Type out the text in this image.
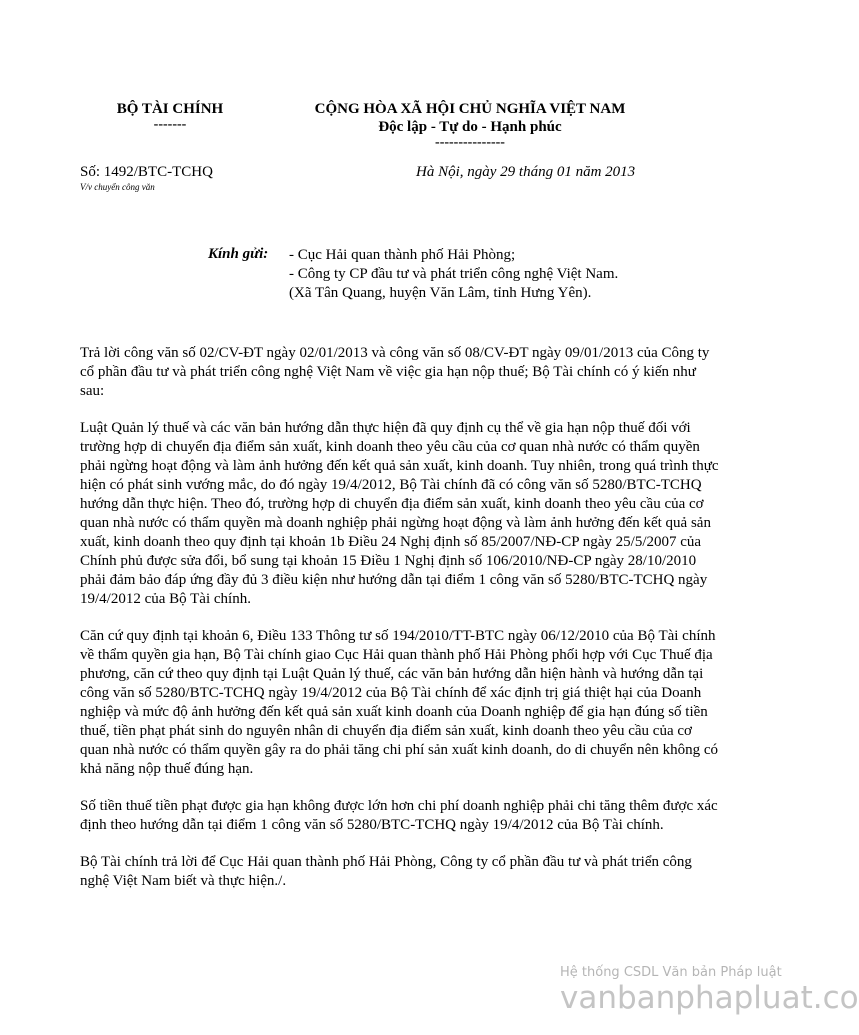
BỘ TÀI CHÍNH
-------
CỘNG HÒA XÃ HỘI CHỦ NGHĨA VIỆT NAM
Độc lập - Tự do - Hạnh phúc
---------------
Số: 1492/BTC-TCHQ
V/v chuyển công văn
Hà Nội, ngày 29 tháng 01 năm 2013
Kính gửi: - Cục Hải quan thành phố Hải Phòng;
- Công ty CP đầu tư và phát triển công nghệ Việt Nam.
(Xã Tân Quang, huyện Văn Lâm, tỉnh Hưng Yên).

Trả lời công văn số 02/CV-ĐT ngày 02/01/2013 và công văn số 08/CV-ĐT ngày 09/01/2013 của Công ty cổ phần đầu tư và phát triển công nghệ Việt Nam về việc gia hạn nộp thuế; Bộ Tài chính có ý kiến như sau:

Luật Quản lý thuế và các văn bản hướng dẫn thực hiện đã quy định cụ thể về gia hạn nộp thuế đối với trường hợp di chuyển địa điểm sản xuất, kinh doanh theo yêu cầu của cơ quan nhà nước có thẩm quyền phải ngừng hoạt động và làm ảnh hưởng đến kết quả sản xuất, kinh doanh. Tuy nhiên, trong quá trình thực hiện có phát sinh vướng mắc, do đó ngày 19/4/2012, Bộ Tài chính đã có công văn số 5280/BTC-TCHQ hướng dẫn thực hiện. Theo đó, trường hợp di chuyển địa điểm sản xuất, kinh doanh theo yêu cầu của cơ quan nhà nước có thẩm quyền mà doanh nghiệp phải ngừng hoạt động và làm ảnh hưởng đến kết quả sản xuất, kinh doanh theo quy định tại khoản 1b Điều 24 Nghị định số 85/2007/NĐ-CP ngày 25/5/2007 của Chính phủ được sửa đổi, bổ sung tại khoản 15 Điều 1 Nghị định số 106/2010/NĐ-CP ngày 28/10/2010 phải đảm bảo đáp ứng đầy đủ 3 điều kiện như hướng dẫn tại điểm 1 công văn số 5280/BTC-TCHQ ngày 19/4/2012 của Bộ Tài chính.

Căn cứ quy định tại khoản 6, Điều 133 Thông tư số 194/2010/TT-BTC ngày 06/12/2010 của Bộ Tài chính về thẩm quyền gia hạn, Bộ Tài chính giao Cục Hải quan thành phố Hải Phòng phối hợp với Cục Thuế địa phương, căn cứ theo quy định tại Luật Quản lý thuế, các văn bản hướng dẫn hiện hành và hướng dẫn tại công văn số 5280/BTC-TCHQ ngày 19/4/2012 của Bộ Tài chính để xác định trị giá thiệt hại của Doanh nghiệp và mức độ ảnh hưởng đến kết quả sản xuất kinh doanh của Doanh nghiệp để gia hạn đúng số tiền thuế, tiền phạt phát sinh do nguyên nhân di chuyển địa điểm sản xuất, kinh doanh theo yêu cầu của cơ quan nhà nước có thẩm quyền gây ra do phải tăng chi phí sản xuất kinh doanh, do di chuyển nên không có khả năng nộp thuế đúng hạn.

Số tiền thuế tiền phạt được gia hạn không được lớn hơn chi phí doanh nghiệp phải chi tăng thêm được xác định theo hướng dẫn tại điểm 1 công văn số 5280/BTC-TCHQ ngày 19/4/2012 của Bộ Tài chính.

Bộ Tài chính trả lời để Cục Hải quan thành phố Hải Phòng, Công ty cổ phần đầu tư và phát triển công nghệ Việt Nam biết và thực hiện./.

Hệ thống CSDL Văn bản Pháp luật
vanbanphapluat.co
